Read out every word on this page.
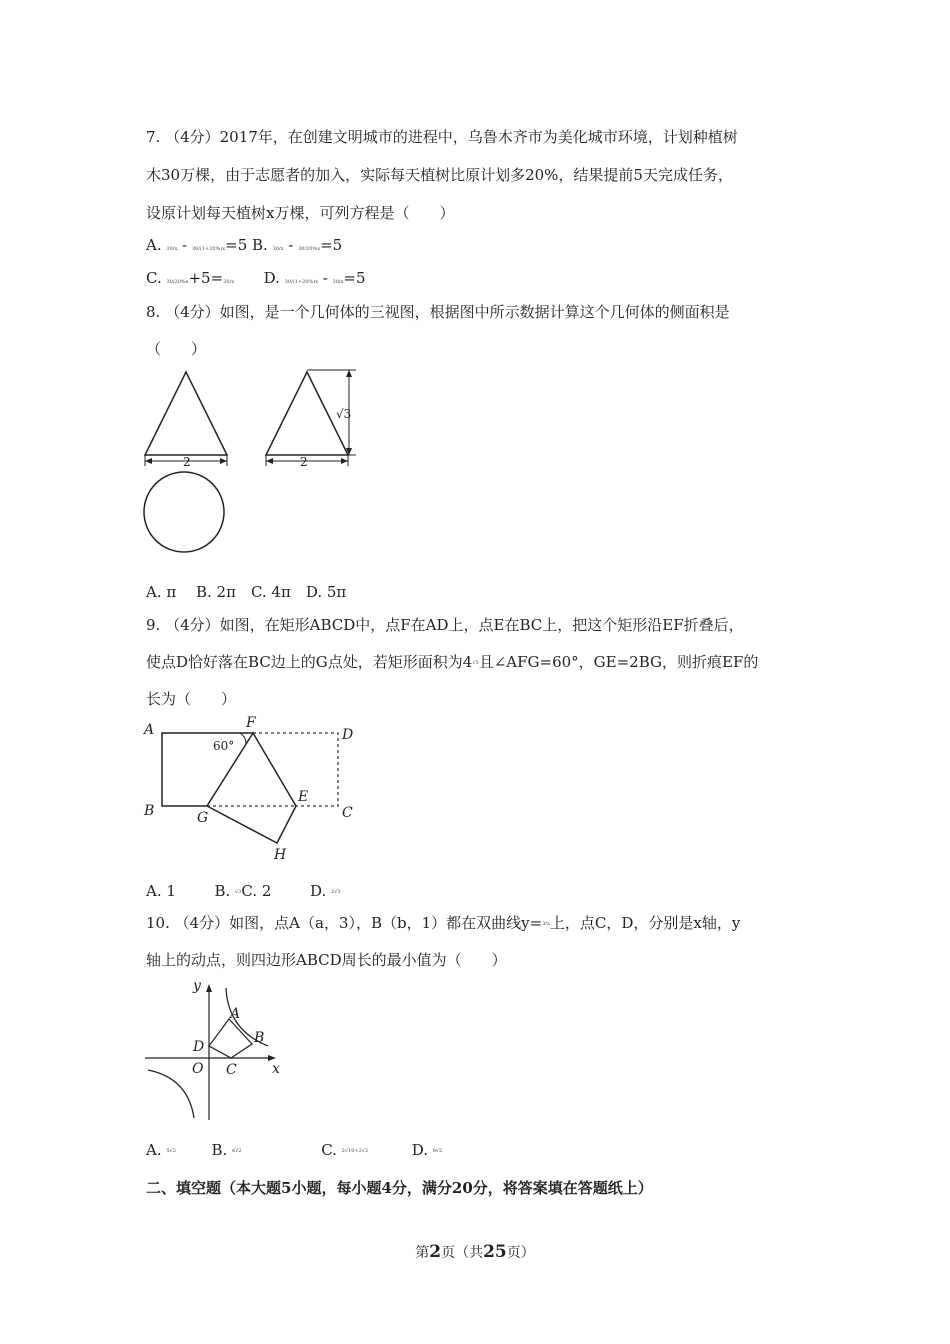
7. （4分）2017年，在创建文明城市的进程中，乌鲁木齐市为美化城市环境，计划种植树
木30万棵，由于志愿者的加入，实际每天植树比原计划多20%，结果提前5天完成任务，
设原计划每天植树x万棵，可列方程是（　　）
A. 30/x - 30/(1+20%)x=5 B. 30/x - 30/20%x=5
C. 30/20%x+5=30/x D. 30/(1+20%)x - 30/x=5
8. （4分）如图，是一个几何体的三视图，根据图中所示数据计算这个几何体的侧面积是
（　　）
2	2
√3
A. π　 B. 2π　C. 4π　D. 5π
9. （4分）如图，在矩形ABCD中，点F在AD上，点E在BC上，把这个矩形沿EF折叠后，
使点D恰好落在BC边上的G点处，若矩形面积为4√3且∠AFG=60°，GE=2BG，则折痕EF的
长为（　　）
A
B	C
D
E
F
G
H
60°
A. 1　  B. √3C. 2　  D. 2√3
10. （4分）如图，点A（a，3），B（b，1）都在双曲线y=3/x上，点C，D，分别是x轴，y
轴上的动点，则四边形ABCD周长的最小值为（　　）
y
x
O
A
B
C
D
A. 5√2 B. 6√2	C. 2√10+2√2	D. 8√2
二、填空题（本大题5小题，每小题4分，满分20分，将答案填在答题纸上）
第2页（共25页）
